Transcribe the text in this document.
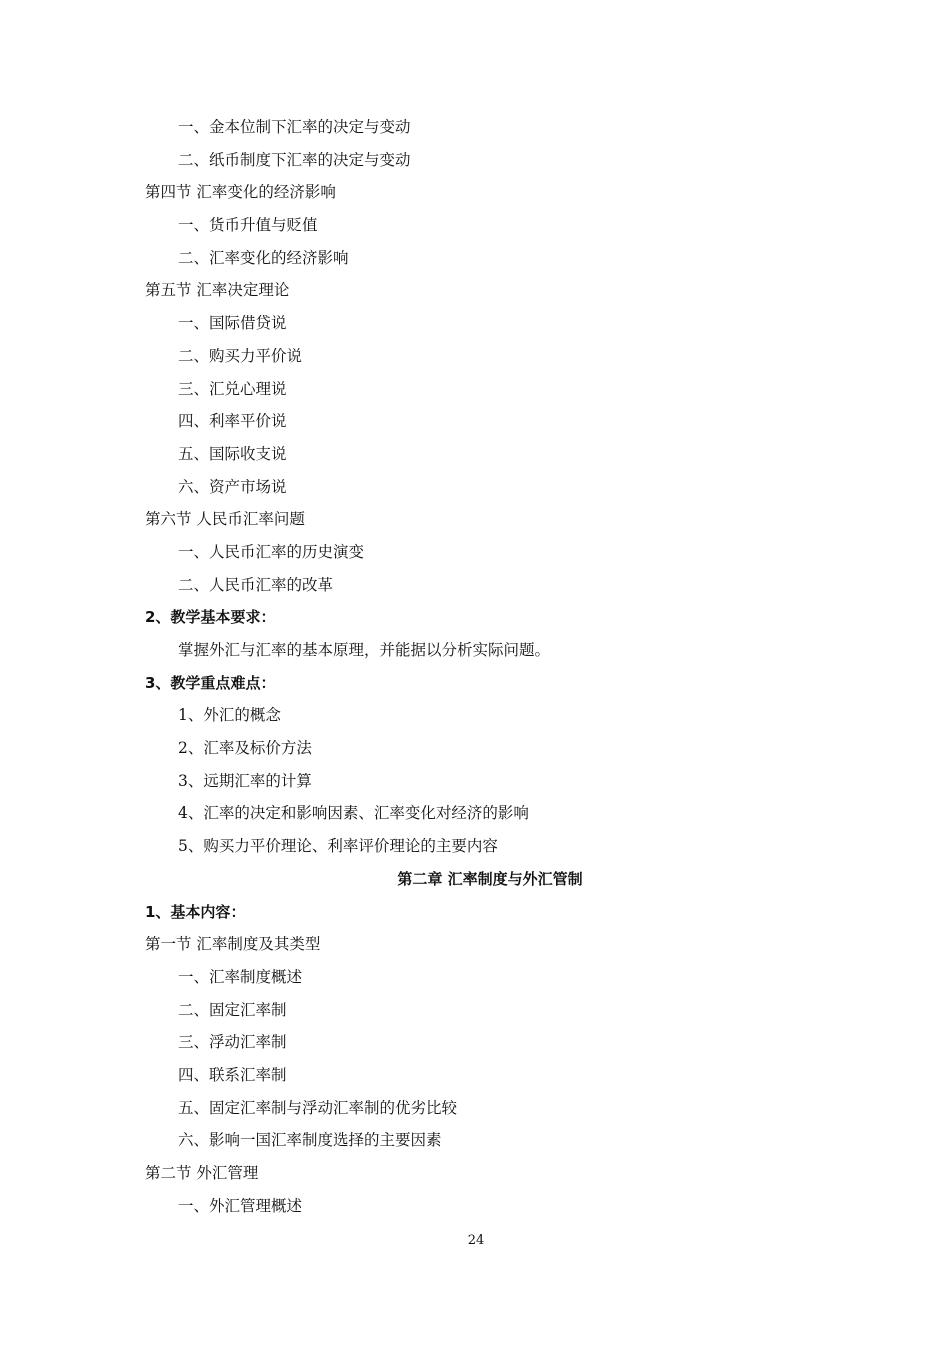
一、金本位制下汇率的决定与变动
二、纸币制度下汇率的决定与变动
第四节 汇率变化的经济影响
一、货币升值与贬值
二、汇率变化的经济影响
第五节 汇率决定理论
一、国际借贷说
二、购买力平价说
三、汇兑心理说
四、利率平价说
五、国际收支说
六、资产市场说
第六节 人民币汇率问题
一、人民币汇率的历史演变
二、人民币汇率的改革
2、教学基本要求：
掌握外汇与汇率的基本原理，并能据以分析实际问题。
3、教学重点难点：
1、外汇的概念
2、汇率及标价方法
3、远期汇率的计算
4、汇率的决定和影响因素、汇率变化对经济的影响
5、购买力平价理论、利率评价理论的主要内容
第二章 汇率制度与外汇管制
1、基本内容：
第一节 汇率制度及其类型
一、汇率制度概述
二、固定汇率制
三、浮动汇率制
四、联系汇率制
五、固定汇率制与浮动汇率制的优劣比较
六、影响一国汇率制度选择的主要因素
第二节 外汇管理
一、外汇管理概述
24
